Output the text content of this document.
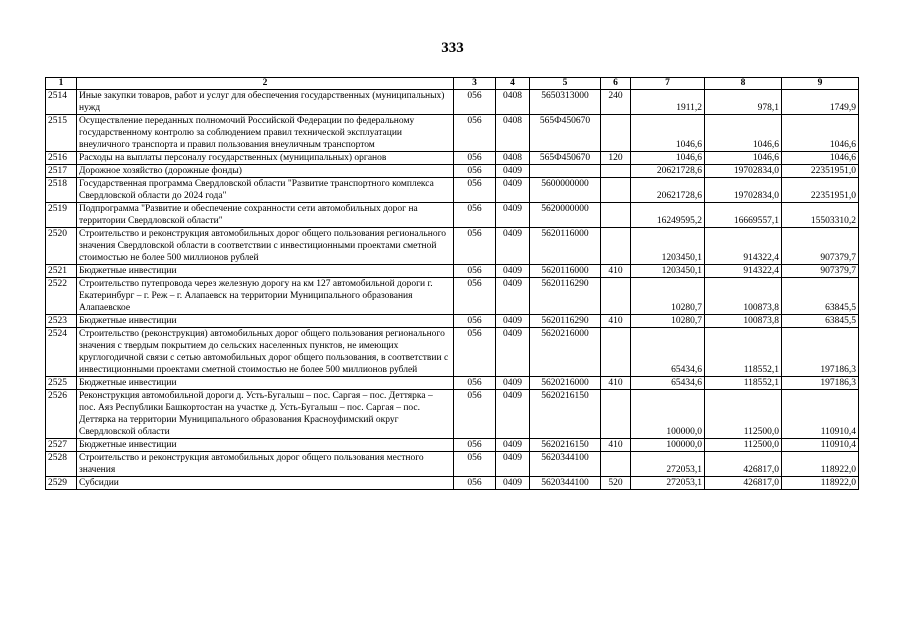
333
1	2	3	4	5	6	7	8	9
2514	Иные закупки товаров, работ и услуг для обеспечения государственных (муниципальных) нужд	056	0408	5650313000	240	1911,2	978,1	1749,9
2515	Осуществление переданных полномочий Российской Федерации по федеральному государственному контролю за соблюдением правил технической эксплуатации внеуличного транспорта и правил пользования внеуличным транспортом	056	0408	565Ф450670		1046,6	1046,6	1046,6
2516	Расходы на выплаты персоналу государственных (муниципальных) органов	056	0408	565Ф450670	120	1046,6	1046,6	1046,6
2517	Дорожное хозяйство (дорожные фонды)	056	0409			20621728,6	19702834,0	22351951,0
2518	Государственная программа Свердловской области "Развитие транспортного комплекса Свердловской области до 2024 года"	056	0409	5600000000		20621728,6	19702834,0	22351951,0
2519	Подпрограмма "Развитие и обеспечение сохранности сети автомобильных дорог на территории Свердловской области"	056	0409	5620000000		16249595,2	16669557,1	15503310,2
2520	Строительство и реконструкция автомобильных дорог общего пользования регионального значения Свердловской области в соответствии с инвестиционными проектами сметной стоимостью не более 500 миллионов рублей	056	0409	5620116000		1203450,1	914322,4	907379,7
2521	Бюджетные инвестиции	056	0409	5620116000	410	1203450,1	914322,4	907379,7
2522	Строительство путепровода через железную дорогу на км 127 автомобильной дороги г. Екатеринбург – г. Реж – г. Алапаевск на территории Муниципального образования Алапаевское	056	0409	5620116290		10280,7	100873,8	63845,5
2523	Бюджетные инвестиции	056	0409	5620116290	410	10280,7	100873,8	63845,5
2524	Строительство (реконструкция) автомобильных дорог общего пользования регионального значения с твердым покрытием до сельских населенных пунктов, не имеющих круглогодичной связи с сетью автомобильных дорог общего пользования, в соответствии с инвестиционными проектами сметной стоимостью не более 500 миллионов рублей	056	0409	5620216000		65434,6	118552,1	197186,3
2525	Бюджетные инвестиции	056	0409	5620216000	410	65434,6	118552,1	197186,3
2526	Реконструкция автомобильной дороги д. Усть-Бугалыш – пос. Саргая – пос. Деттярка – пос. Аяз Республики Башкортостан на участке д. Усть-Бугалыш – пос. Саргая – пос. Деттярка на территории Муниципального образования Красноуфимский округ Свердловской области	056	0409	5620216150		100000,0	112500,0	110910,4
2527	Бюджетные инвестиции	056	0409	5620216150	410	100000,0	112500,0	110910,4
2528	Строительство и реконструкция автомобильных дорог общего пользования местного значения	056	0409	5620344100		272053,1	426817,0	118922,0
2529	Субсидии	056	0409	5620344100	520	272053,1	426817,0	118922,0
